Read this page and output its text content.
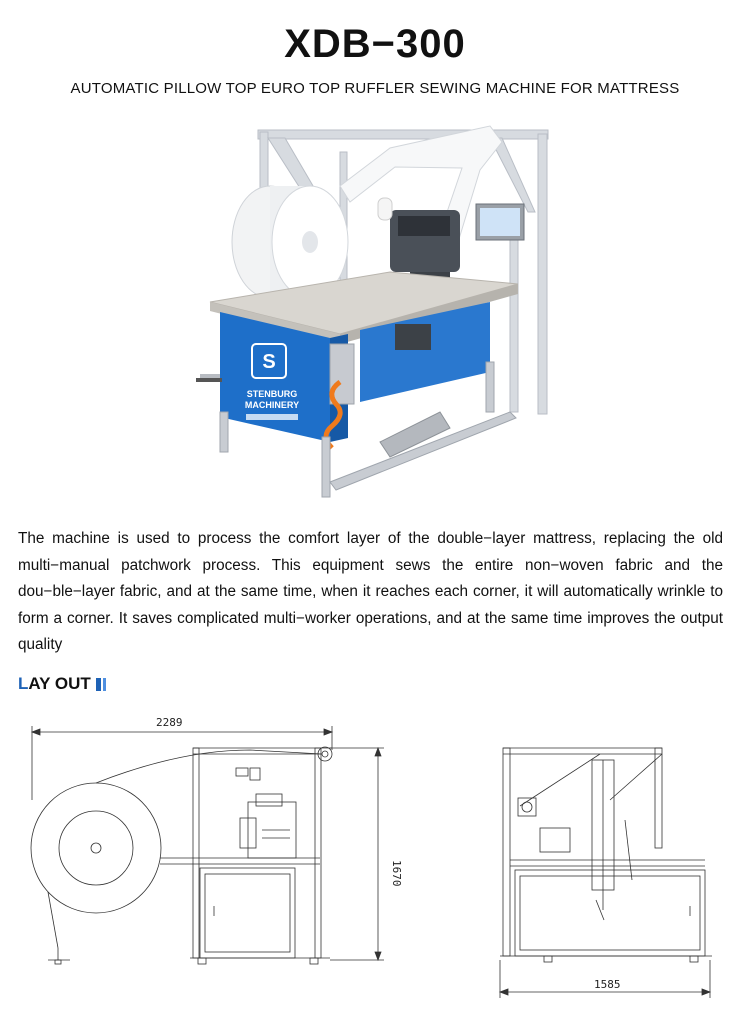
XDB−300
AUTOMATIC PILLOW TOP EURO TOP RUFFLER SEWING MACHINE FOR MATTRESS
S
STENBURG
MACHINERY
The machine is used to process the comfort layer of the double−layer mattress, replacing the old multi−manual patchwork process. This equipment sews the entire non−woven fabric and the dou−ble−layer fabric, and at the same time, when it reaches each corner, it will automatically wrinkle to form a corner. It saves complicated multi−worker operations, and at the same time improves the output quality
L AY OUT
2289
1670
1585
